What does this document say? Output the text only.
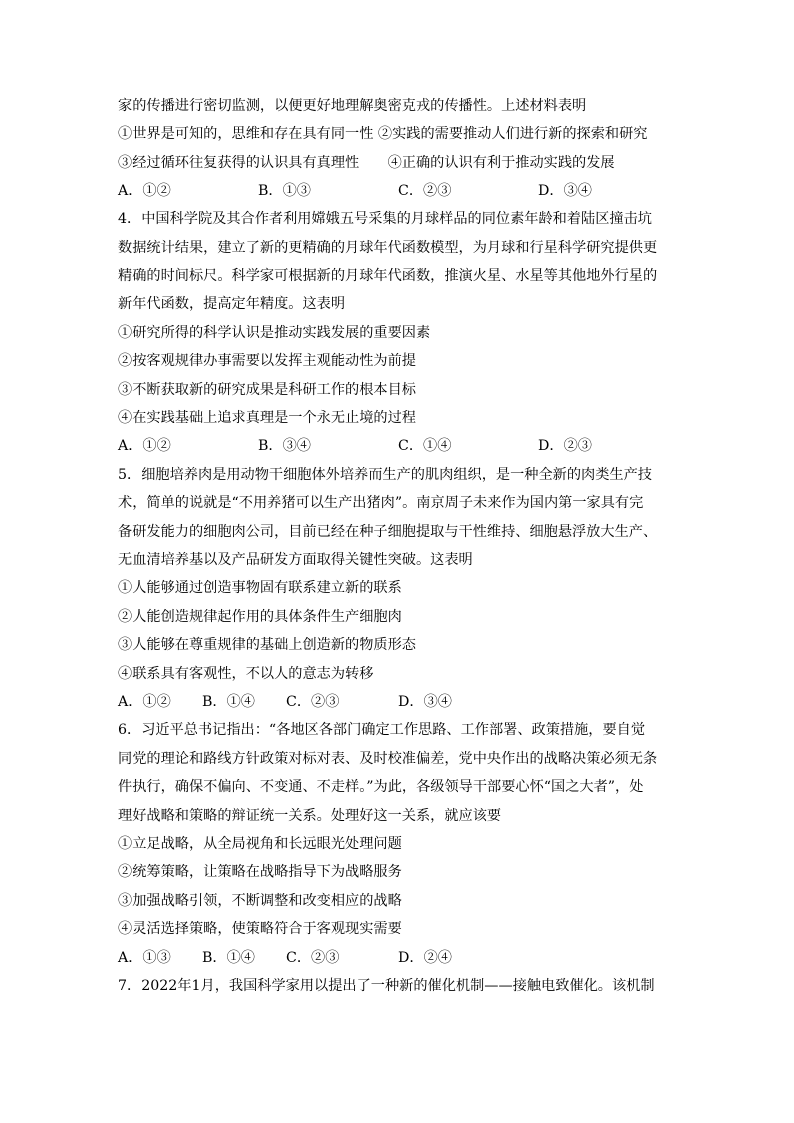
家的传播进行密切监测，以便更好地理解奥密克戎的传播性。上述材料表明
①世界是可知的，思维和存在具有同一性 ②实践的需要推动人们进行新的探索和研究
③经过循环往复获得的认识具有真理性　　④正确的认识有利于推动实践的发展
A．①②	B．①③	C．②③	D．③④
4．中国科学院及其合作者利用嫦娥五号采集的月球样品的同位素年龄和着陆区撞击坑
数据统计结果，建立了新的更精确的月球年代函数模型，为月球和行星科学研究提供更
精确的时间标尺。科学家可根据新的月球年代函数，推演火星、水星等其他地外行星的
新年代函数，提高定年精度。这表明
①研究所得的科学认识是推动实践发展的重要因素
②按客观规律办事需要以发挥主观能动性为前提
③不断获取新的研究成果是科研工作的根本目标
④在实践基础上追求真理是一个永无止境的过程
A．①②	B．③④	C．①④	D．②③
5．细胞培养肉是用动物干细胞体外培养而生产的肌肉组织，是一种全新的肉类生产技
术，简单的说就是“不用养猪可以生产出猪肉”。南京周子未来作为国内第一家具有完
备研发能力的细胞肉公司，目前已经在种子细胞提取与干性维持、细胞悬浮放大生产、
无血清培养基以及产品研发方面取得关键性突破。这表明
①人能够通过创造事物固有联系建立新的联系
②人能创造规律起作用的具体条件生产细胞肉
③人能够在尊重规律的基础上创造新的物质形态
④联系具有客观性，不以人的意志为转移
A．①② B．①④ C．②③	D．③④
6．习近平总书记指出：“各地区各部门确定工作思路、工作部署、政策措施，要自觉
同党的理论和路线方针政策对标对表、及时校准偏差，党中央作出的战略决策必须无条
件执行，确保不偏向、不变通、不走样。”为此，各级领导干部要心怀“国之大者”，处
理好战略和策略的辩证统一关系。处理好这一关系，就应该要
①立足战略，从全局视角和长远眼光处理问题
②统筹策略，让策略在战略指导下为战略服务
③加强战略引领，不断调整和改变相应的战略
④灵活选择策略，使策略符合于客观现实需要
A．①③ B．①④ C．②③	D．②④
7．2022年1月，我国科学家用以提出了一种新的催化机制——接触电致催化。该机制
